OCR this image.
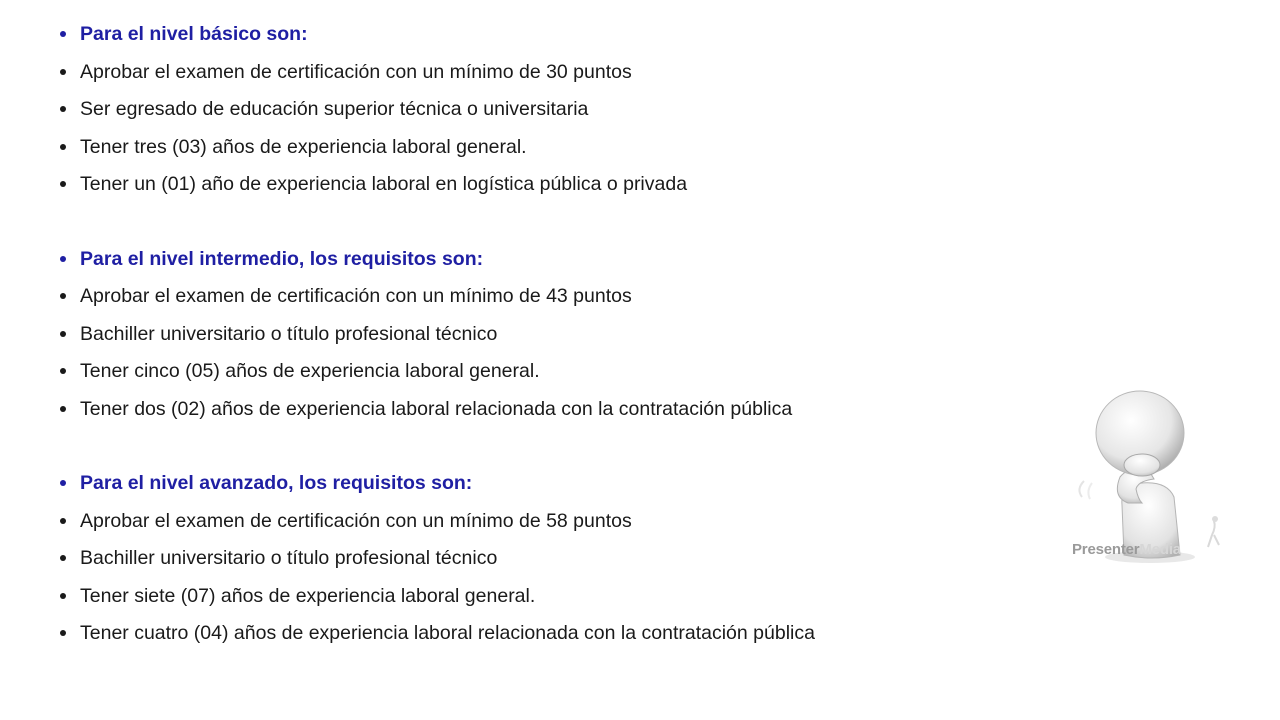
Para el nivel básico son:
Aprobar el examen de certificación con un mínimo de 30 puntos
Ser egresado de educación superior técnica o universitaria
Tener tres (03) años de experiencia laboral general.
Tener un (01) año de experiencia laboral en logística pública o privada
Para el nivel intermedio, los requisitos son:
Aprobar el examen de certificación con un mínimo de 43 puntos
Bachiller universitario o título profesional técnico
Tener cinco (05) años de experiencia laboral general.
Tener dos (02) años de experiencia laboral relacionada con la contratación pública
Para el nivel avanzado, los requisitos son:
Aprobar el examen de certificación con un mínimo de 58 puntos
Bachiller universitario o título profesional técnico
Tener siete (07) años de experiencia laboral general.
Tener cuatro (04) años de experiencia laboral relacionada con la contratación pública
PresenterMedia
